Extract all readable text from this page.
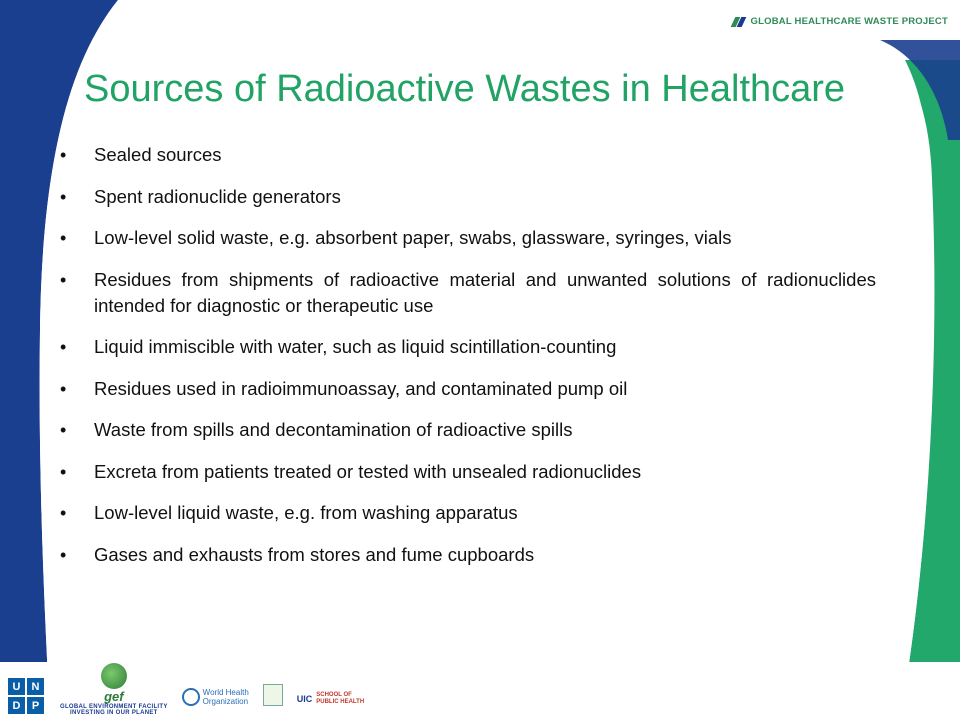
GLOBAL HEALTHCARE WASTE PROJECT
Sources of Radioactive Wastes in Healthcare
• Sealed sources
• Spent radionuclide generators
• Low-level solid waste, e.g. absorbent paper, swabs, glassware, syringes, vials
• Residues from shipments of radioactive material and unwanted solutions of radionuclides intended for diagnostic or therapeutic use
• Liquid immiscible with water, such as liquid scintillation-counting
• Residues used in radioimmunoassay, and contaminated pump oil
• Waste from spills and decontamination of radioactive spills
• Excreta from patients treated or tested with unsealed radionuclides
• Low-level liquid waste, e.g. from washing apparatus
• Gases and exhausts from stores and fume cupboards
U	N
D	P
gef
GLOBAL ENVIRONMENT FACILITY
INVESTING IN OUR PLANET
World Health
Organization	UIC SCHOOL OF
PUBLIC HEALTH
